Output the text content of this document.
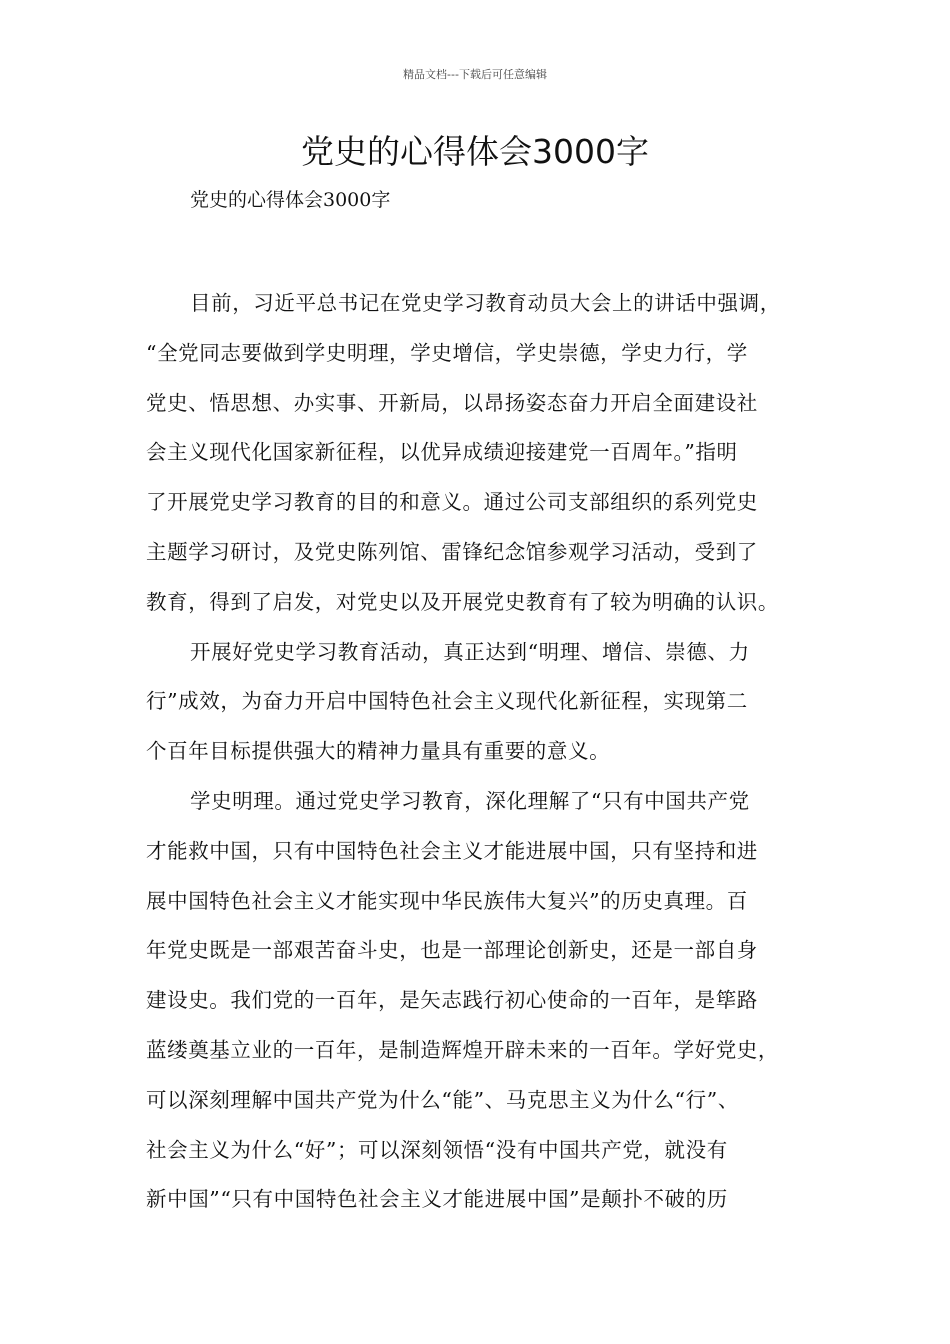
精品文档---下载后可任意编辑
党史的心得体会3000字
党史的心得体会3000字
目前，习近平总书记在党史学习教育动员大会上的讲话中强调，
“全党同志要做到学史明理，学史增信，学史崇德，学史力行，学
党史、悟思想、办实事、开新局，以昂扬姿态奋力开启全面建设社
会主义现代化国家新征程，以优异成绩迎接建党一百周年。”指明
了开展党史学习教育的目的和意义。通过公司支部组织的系列党史
主题学习研讨，及党史陈列馆、雷锋纪念馆参观学习活动，受到了
教育，得到了启发，对党史以及开展党史教育有了较为明确的认识。
开展好党史学习教育活动，真正达到“明理、增信、崇德、力
行”成效，为奋力开启中国特色社会主义现代化新征程，实现第二
个百年目标提供强大的精神力量具有重要的意义。
学史明理。通过党史学习教育，深化理解了“只有中国共产党
才能救中国，只有中国特色社会主义才能进展中国，只有坚持和进
展中国特色社会主义才能实现中华民族伟大复兴”的历史真理。百
年党史既是一部艰苦奋斗史，也是一部理论创新史，还是一部自身
建设史。我们党的一百年，是矢志践行初心使命的一百年，是筚路
蓝缕奠基立业的一百年，是制造辉煌开辟未来的一百年。学好党史，
可以深刻理解中国共产党为什么“能”、马克思主义为什么“行”、
社会主义为什么“好”；可以深刻领悟“没有中国共产党，就没有
新中国”“只有中国特色社会主义才能进展中国”是颠扑不破的历
